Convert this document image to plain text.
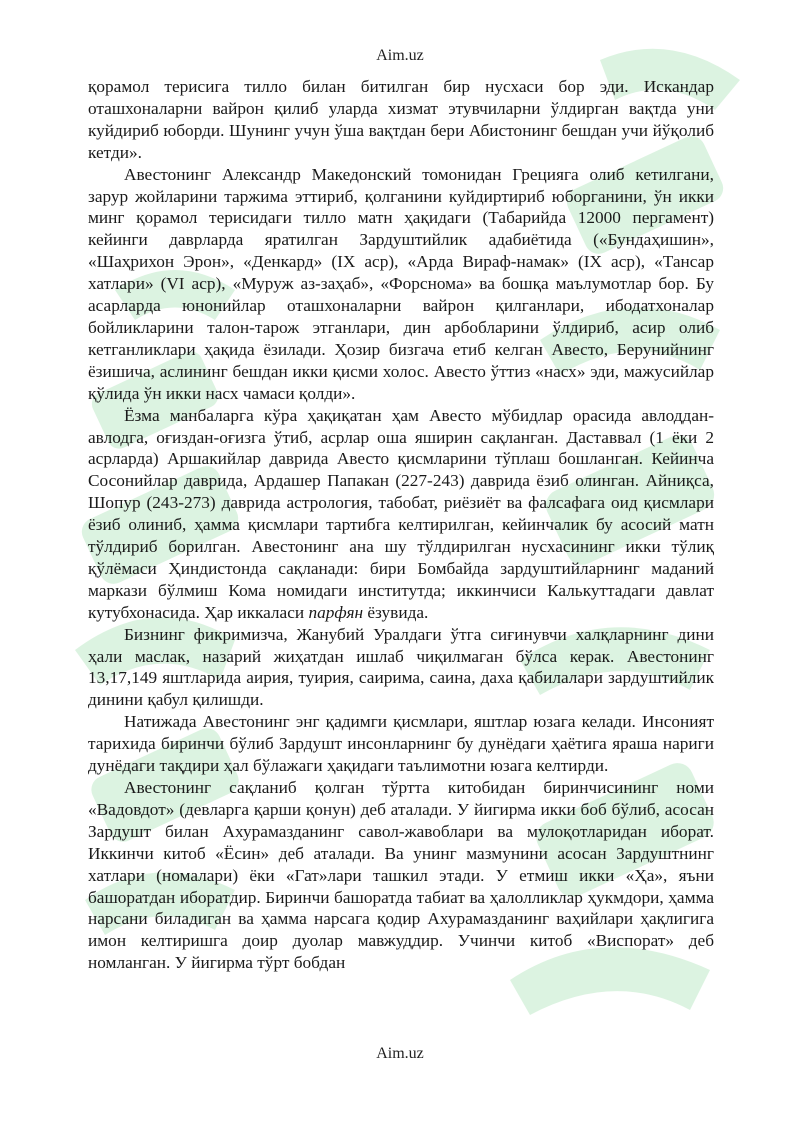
Aim.uz

қорамол терисига тилло билан битилган бир нусхаси бор эди. Искандар оташхоналарни вайрон қилиб уларда хизмат этувчиларни ўлдирган вақтда уни куйдириб юборди. Шунинг учун ўша вақтдан бери Абистонинг бешдан учи йўқолиб кетди».

Авестонинг Александр Македонский томонидан Грецияга олиб кетилгани, зарур жойларини таржима эттириб, қолганини куйдиртириб юборганини, ўн икки минг қорамол терисидаги тилло матн ҳақидаги (Табарийда 12000 пергамент) кейинги даврларда яратилган Зардуштийлик адабиётида («Бундаҳишин», «Шаҳрихон Эрон», «Денкард» (IX аср), «Арда Вираф-намак» (IX аср), «Тансар хатлари» (VI аср), «Муруж аз-заҳаб», «Форснома» ва бошқа маълумотлар бор. Бу асарларда юнонийлар оташхоналарни вайрон қилганлари, ибодатхоналар бойликларини талон-тарож этганлари, дин арбобларини ўлдириб, асир олиб кетганликлари ҳақида ёзилади. Ҳозир бизгача етиб келган Авесто, Берунийнинг ёзишича, аслининг бешдан икки қисми холос. Авесто ўттиз «насх» эди, мажусийлар қўлида ўн икки насх чамаси қолди».

Ёзма манбаларга кўра ҳақиқатан ҳам Авесто мўбидлар орасида авлоддан-авлодга, оғиздан-оғизга ўтиб, асрлар оша яширин сақланган. Даставвал (1 ёки 2 асрларда) Аршакийлар даврида Авесто қисмларини тўплаш бошланган. Кейинча Сосонийлар даврида, Ардашер Папакан (227-243) даврида ёзиб олинган. Айниқса, Шопур (243-273) даврида астрология, табобат, риёзиёт ва фалсафага оид қисмлари ёзиб олиниб, ҳамма қисмлари тартибга келтирилган, кейинчалик бу асосий матн тўлдириб борилган. Авестонинг ана шу тўлдирилган нусхасининг икки тўлиқ қўлёмаси Ҳиндистонда сақланади: бири Бомбайда зардуштийларнинг маданий маркази бўлмиш Кома номидаги институтда; иккинчиси Калькуттадаги давлат кутубхонасида. Ҳар иккаласи парфян ёзувида.

Бизнинг фикримизча, Жанубий Уралдаги ўтга сиғинувчи халқларнинг дини ҳали маслак, назарий жиҳатдан ишлаб чиқилмаган бўлса керак. Авестонинг 13,17,149 яштларида аирия, туирия, саирима, саина, даха қабилалари зардуштийлик динини қабул қилишди.

Натижада Авестонинг энг қадимги қисмлари, яштлар юзага келади. Инсоният тарихида биринчи бўлиб Зардушт инсонларнинг бу дунёдаги ҳаётига яраша нариги дунёдаги тақдири ҳал бўлажаги ҳақидаги таълимотни юзага келтирди.

Авестонинг сақланиб қолган тўртта китобидан биринчисининг номи «Вадовдот» (девларга қарши қонун) деб аталади. У йигирма икки боб бўлиб, асосан Зардушт билан Ахурамазданинг савол-жавоблари ва мулоқотларидан иборат. Иккинчи китоб «Ёсин» деб аталади. Ва унинг мазмунини асосан Зардуштнинг хатлари (номалари) ёки «Гат»лари ташкил этади. У етмиш икки «Ҳа», яъни башоратдан иборатдир. Биринчи башоратда табиат ва ҳалолликлар ҳукмдори, ҳамма нарсани биладиган ва ҳамма нарсага қодир Ахурамазданинг ваҳийлари ҳақлигига имон келтиришга доир дуолар мавжуддир. Учинчи китоб «Виспорат» деб номланган. У йигирма тўрт бобдан

Aim.uz
